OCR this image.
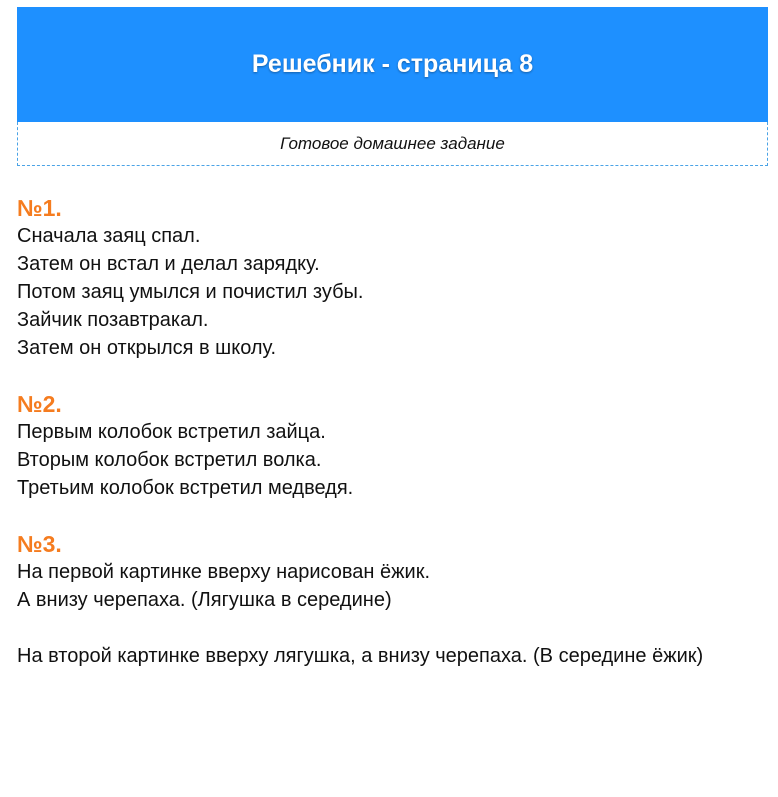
Решебник - страница 8
Готовое домашнее задание
№1.
Сначала заяц спал.
Затем он встал и делал зарядку.
Потом заяц умылся и почистил зубы.
Зайчик позавтракал.
Затем он открылся в школу.
№2.
Первым колобок встретил зайца.
Вторым колобок встретил волка.
Третьим колобок встретил медведя.
№3.
На первой картинке вверху нарисован ёжик.
А внизу черепаха. (Лягушка в середине)
На второй картинке вверху лягушка, а внизу черепаха. (В середине ёжик)
